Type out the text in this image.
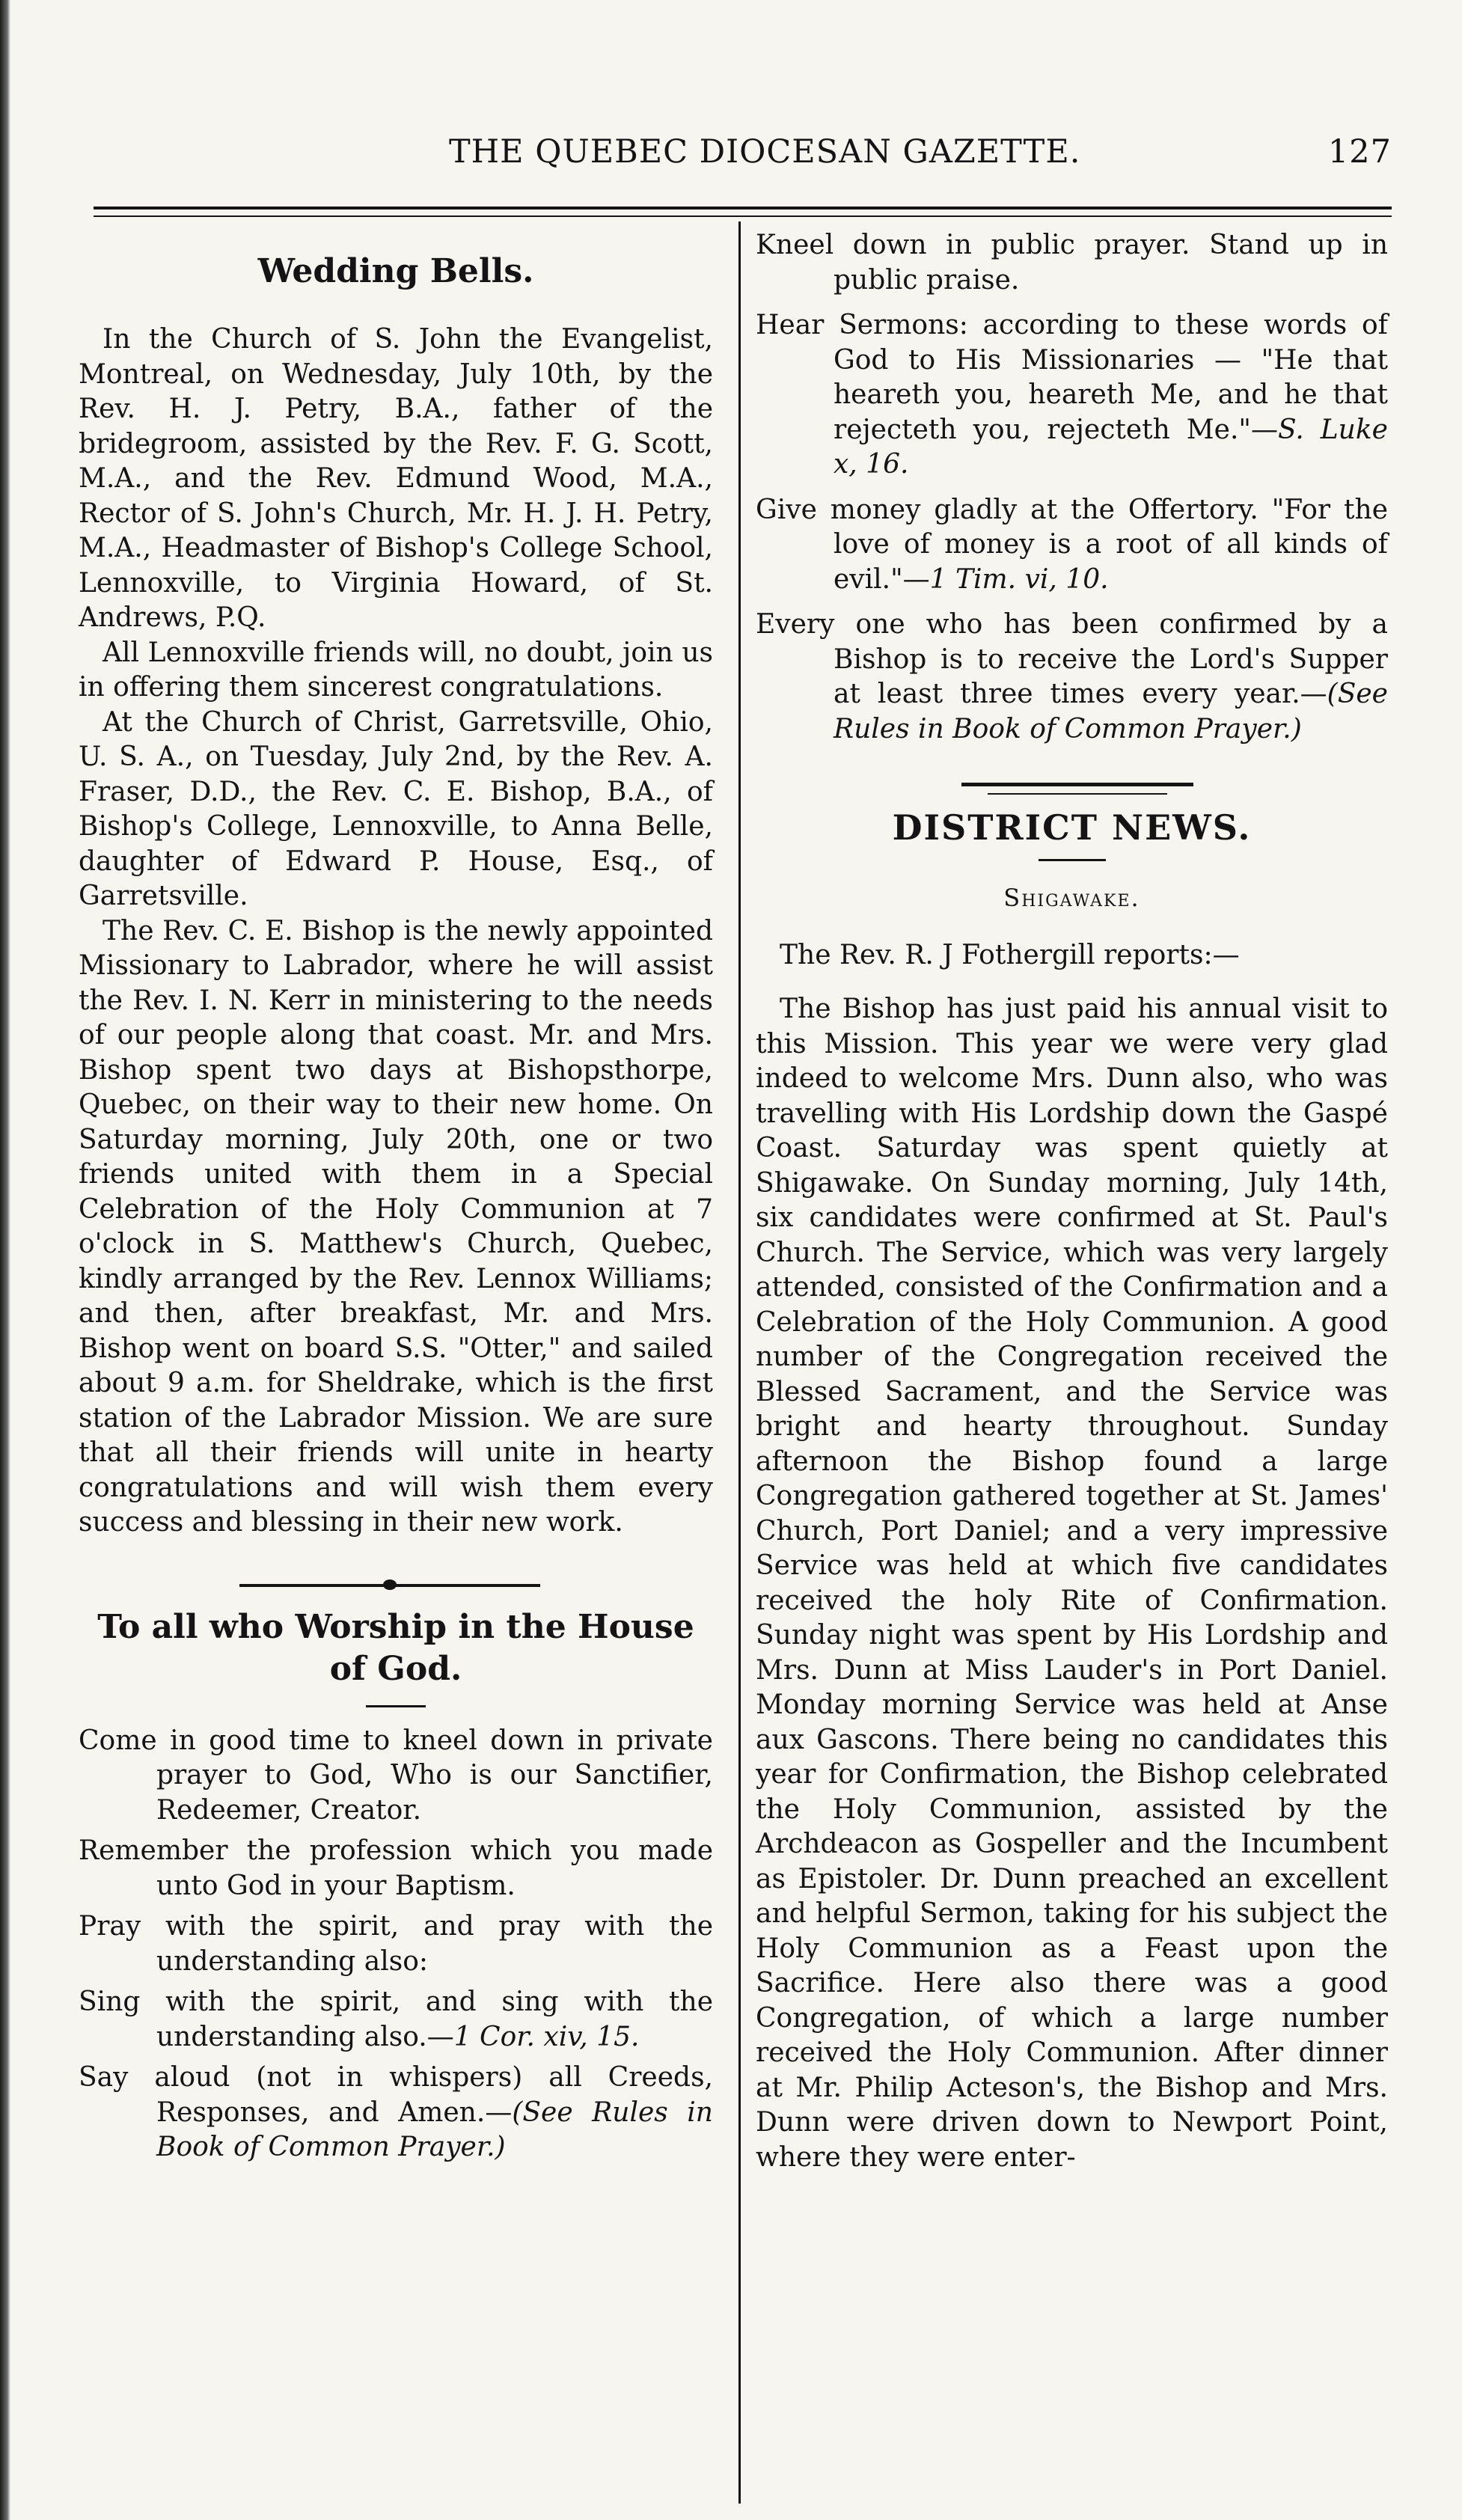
THE QUEBEC DIOCESAN GAZETTE.	127
Wedding Bells.

In the Church of S. John the Evangelist, Montreal, on Wednesday, July 10th, by the Rev. H. J. Petry, B.A., father of the bridegroom, assisted by the Rev. F. G. Scott, M.A., and the Rev. Edmund Wood, M.A., Rector of S. John's Church, Mr. H. J. H. Petry, M.A., Headmaster of Bishop's College School, Lennoxville, to Virginia Howard, of St. Andrews, P.Q.

All Lennoxville friends will, no doubt, join us in offering them sincerest congratulations.

At the Church of Christ, Garretsville, Ohio, U. S. A., on Tuesday, July 2nd, by the Rev. A. Fraser, D.D., the Rev. C. E. Bishop, B.A., of Bishop's College, Lennoxville, to Anna Belle, daughter of Edward P. House, Esq., of Garretsville.

The Rev. C. E. Bishop is the newly appointed Missionary to Labrador, where he will assist the Rev. I. N. Kerr in ministering to the needs of our people along that coast. Mr. and Mrs. Bishop spent two days at Bishopsthorpe, Quebec, on their way to their new home. On Saturday morning, July 20th, one or two friends united with them in a Special Celebration of the Holy Communion at 7 o'clock in S. Matthew's Church, Quebec, kindly arranged by the Rev. Lennox Williams; and then, after breakfast, Mr. and Mrs. Bishop went on board S.S. "Otter," and sailed about 9 a.m. for Sheldrake, which is the first station of the Labrador Mission. We are sure that all their friends will unite in hearty congratulations and will wish them every success and blessing in their new work.

To all who Worship in the House of God.

Come in good time to kneel down in private prayer to God, Who is our Sanctifier, Redeemer, Creator.

Remember the profession which you made unto God in your Baptism.

Pray with the spirit, and pray with the understanding also:

Sing with the spirit, and sing with the understanding also.—1 Cor. xiv, 15.

Say aloud (not in whispers) all Creeds, Responses, and Amen.—(See Rules in Book of Common Prayer.)

Kneel down in public prayer. Stand up in public praise.

Hear Sermons: according to these words of God to His Missionaries — "He that heareth you, heareth Me, and he that rejecteth you, rejecteth Me."—S. Luke x, 16.

Give money gladly at the Offertory. "For the love of money is a root of all kinds of evil."—1 Tim. vi, 10.

Every one who has been confirmed by a Bishop is to receive the Lord's Supper at least three times every year.—(See Rules in Book of Common Prayer.)

DISTRICT NEWS.
Shigawake.

The Rev. R. J Fothergill reports:—

The Bishop has just paid his annual visit to this Mission. This year we were very glad indeed to welcome Mrs. Dunn also, who was travelling with His Lordship down the Gaspé Coast. Saturday was spent quietly at Shigawake. On Sunday morning, July 14th, six candidates were confirmed at St. Paul's Church. The Service, which was very largely attended, consisted of the Confirmation and a Celebration of the Holy Communion. A good number of the Congregation received the Blessed Sacrament, and the Service was bright and hearty throughout. Sunday afternoon the Bishop found a large Congregation gathered together at St. James' Church, Port Daniel; and a very impressive Service was held at which five candidates received the holy Rite of Confirmation. Sunday night was spent by His Lordship and Mrs. Dunn at Miss Lauder's in Port Daniel. Monday morning Service was held at Anse aux Gascons. There being no candidates this year for Confirmation, the Bishop celebrated the Holy Communion, assisted by the Archdeacon as Gospeller and the Incumbent as Epistoler. Dr. Dunn preached an excellent and helpful Sermon, taking for his subject the Holy Communion as a Feast upon the Sacrifice. Here also there was a good Congregation, of which a large number received the Holy Communion. After dinner at Mr. Philip Acteson's, the Bishop and Mrs. Dunn were driven down to Newport Point, where they were enter-
